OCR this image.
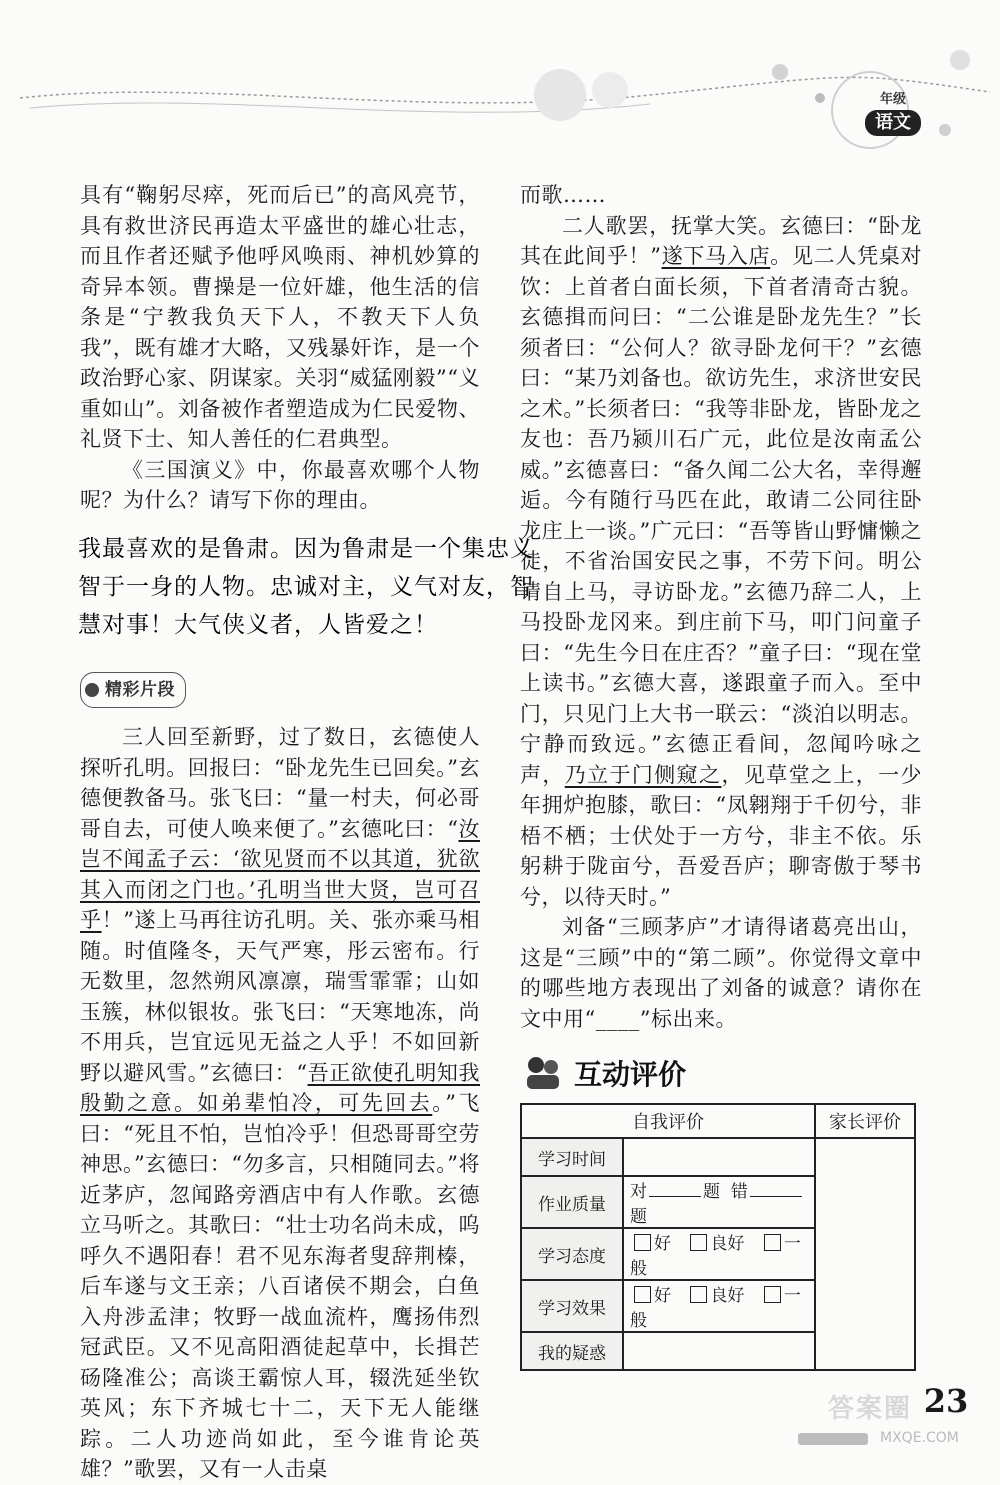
年级
语文

具有“鞠躬尽瘁，死而后已”的高风亮节，具有救世济民再造太平盛世的雄心壮志，而且作者还赋予他呼风唤雨、神机妙算的奇异本领。曹操是一位奸雄，他生活的信条是“宁教我负天下人，不教天下人负我”，既有雄才大略，又残暴奸诈，是一个政治野心家、阴谋家。关羽“威猛刚毅”“义重如山”。刘备被作者塑造成为仁民爱物、礼贤下士、知人善任的仁君典型。

《三国演义》中，你最喜欢哪个人物呢？为什么？请写下你的理由。

我最喜欢的是鲁肃。因为鲁肃是一个集忠义智于一身的人物。忠诚对主，义气对友，智慧对事！大气侠义者，人皆爱之！
精彩片段

三人回至新野，过了数日，玄德使人探听孔明。回报曰：“卧龙先生已回矣。”玄德便教备马。张飞曰：“量一村夫，何必哥哥自去，可使人唤来便了。”玄德叱曰：“汝岂不闻孟子云：‘欲见贤而不以其道，犹欲其入而闭之门也。’孔明当世大贤，岂可召乎！”遂上马再往访孔明。关、张亦乘马相随。时值隆冬，天气严寒，彤云密布。行无数里，忽然朔风凛凛，瑞雪霏霏；山如玉簇，林似银妆。张飞曰：“天寒地冻，尚不用兵，岂宜远见无益之人乎！不如回新野以避风雪。”玄德曰：“吾正欲使孔明知我殷勤之意。如弟辈怕冷，可先回去。”飞曰：“死且不怕，岂怕冷乎！但恐哥哥空劳神思。”玄德曰：“勿多言，只相随同去。”将近茅庐，忽闻路旁酒店中有人作歌。玄德立马听之。其歌曰：“壮士功名尚未成，呜呼久不遇阳春！君不见东海者叟辞荆榛，后车遂与文王亲；八百诸侯不期会，白鱼入舟涉孟津；牧野一战血流杵，鹰扬伟烈冠武臣。又不见高阳酒徒起草中，长揖芒砀隆准公；高谈王霸惊人耳，辍洗延坐钦英风；东下齐城七十二，天下无人能继踪。二人功迹尚如此，至今谁肯论英雄？”歌罢，又有一人击桌

而歌……

二人歌罢，抚掌大笑。玄德曰：“卧龙其在此间乎！”遂下马入店。见二人凭桌对饮：上首者白面长须，下首者清奇古貌。玄德揖而问曰：“二公谁是卧龙先生？”长须者曰：“公何人？欲寻卧龙何干？”玄德曰：“某乃刘备也。欲访先生，求济世安民之术。”长须者曰：“我等非卧龙，皆卧龙之友也：吾乃颍川石广元，此位是汝南孟公威。”玄德喜曰：“备久闻二公大名，幸得邂逅。今有随行马匹在此，敢请二公同往卧龙庄上一谈。”广元曰：“吾等皆山野慵懒之徒，不省治国安民之事，不劳下问。明公请自上马，寻访卧龙。”玄德乃辞二人，上马投卧龙冈来。到庄前下马，叩门问童子曰：“先生今日在庄否？”童子曰：“现在堂上读书。”玄德大喜，遂跟童子而入。至中门，只见门上大书一联云：“淡泊以明志。宁静而致远。”玄德正看间，忽闻吟咏之声，乃立于门侧窥之，见草堂之上，一少年拥炉抱膝，歌曰：“凤翱翔于千仞兮，非梧不栖；士伏处于一方兮，非主不依。乐躬耕于陇亩兮，吾爱吾庐；聊寄傲于琴书兮，以待天时。”

刘备“三顾茅庐”才请得诸葛亮出山，这是“三顾”中的“第二顾”。你觉得文章中的哪些地方表现出了刘备的诚意？请你在文中用“____”标出来。

互动评价
自我评价		家长评价
学习时间		
作业质量	对 题 错题	
学习态度	好 良好 一般	
学习效果	好 良好 一般	
我的疑惑		
答案圈
MXQE.COM
23
